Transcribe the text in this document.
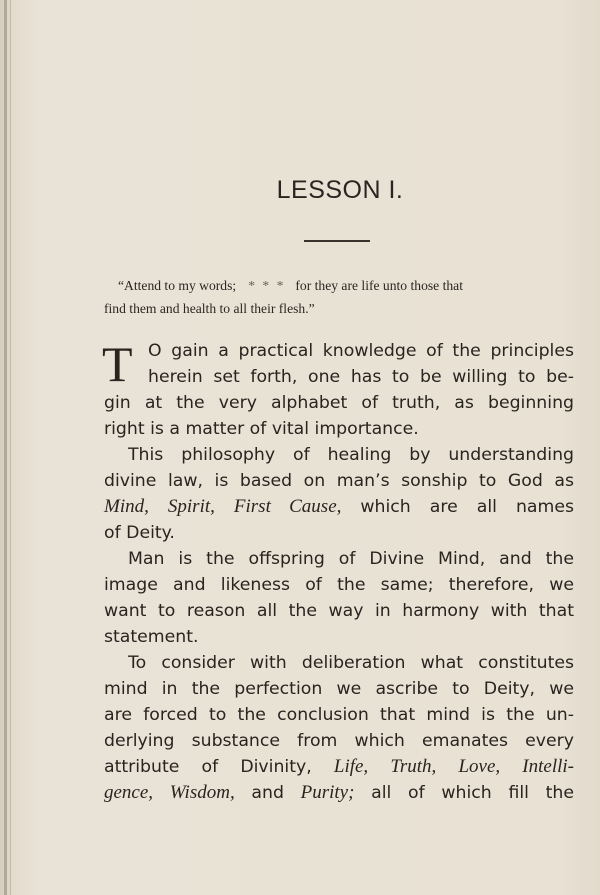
LESSON I.
“Attend to my words; * * * for they are life unto those that
find them and health to all their flesh.”
T O gain a practical knowledge of the principles
herein set forth, one has to be willing to be-
gin at the very alphabet of truth, as beginning
right is a matter of vital importance.
This philosophy of healing by understanding
divine law, is based on man’s sonship to God as
Mind, Spirit, First Cause, which are all names
of Deity.
Man is the offspring of Divine Mind, and the
image and likeness of the same; therefore, we
want to reason all the way in harmony with that
statement.
To consider with deliberation what constitutes
mind in the perfection we ascribe to Deity, we
are forced to the conclusion that mind is the un-
derlying substance from which emanates every
attribute of Divinity, Life, Truth, Love, Intelli-
gence, Wisdom, and Purity; all of which fill the
